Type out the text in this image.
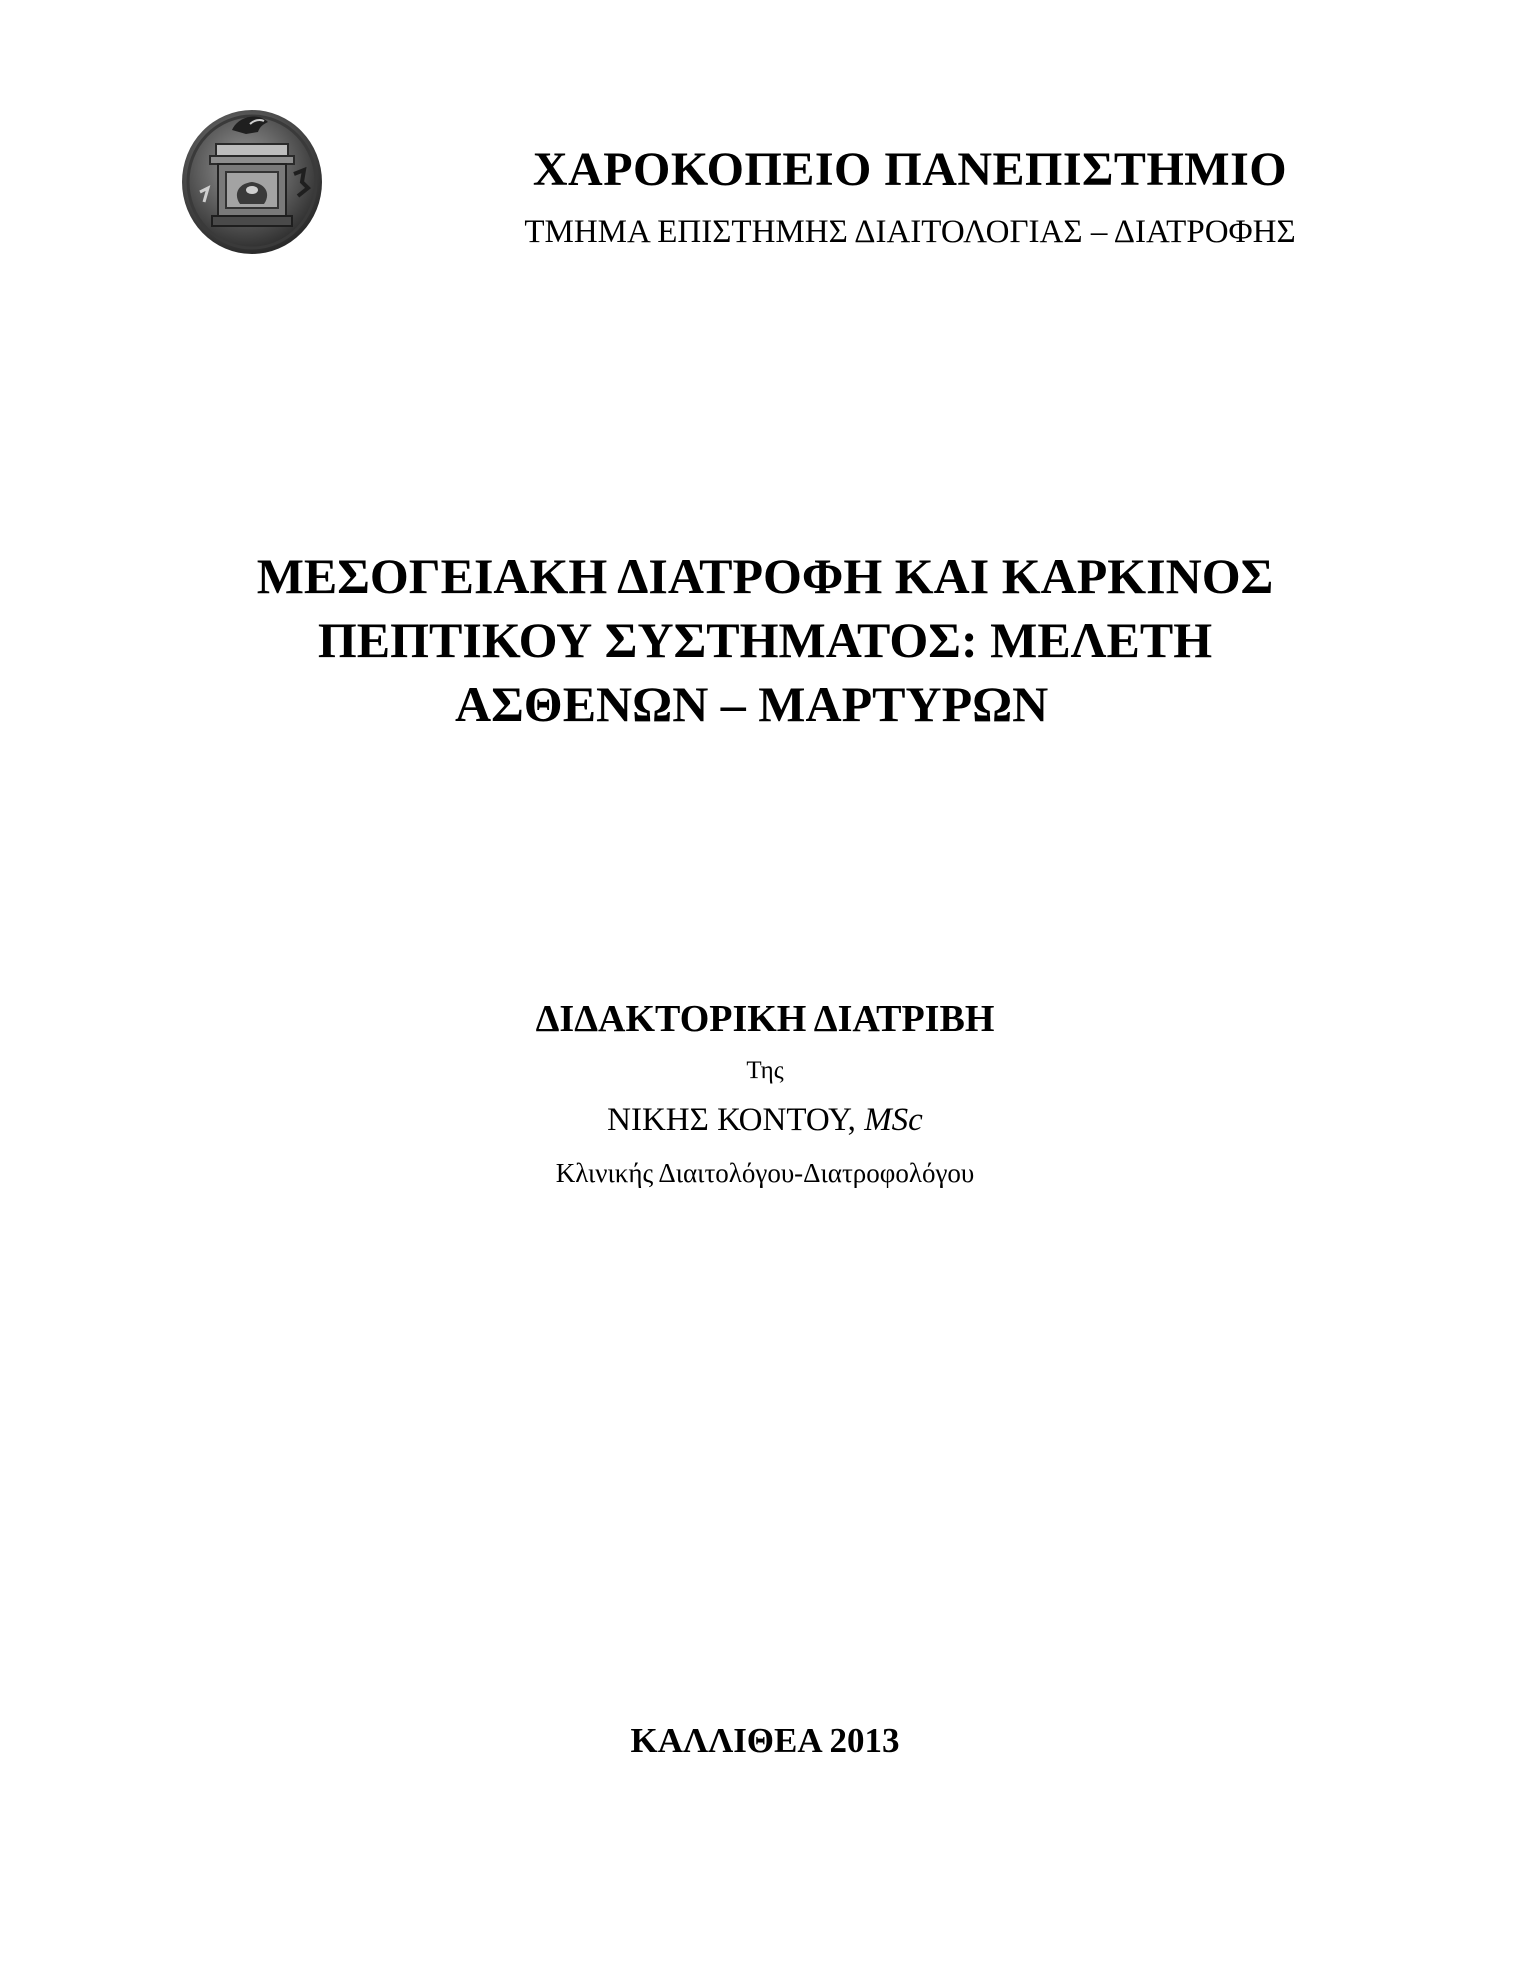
ΧΑΡΟΚΟΠΕΙΟ ΠΑΝΕΠΙΣΤΗΜΙΟ
ΤΜΗΜΑ ΕΠΙΣΤΗΜΗΣ ΔΙΑΙΤΟΛΟΓΙΑΣ – ΔΙΑΤΡΟΦΗΣ
ΜΕΣΟΓΕΙΑΚΗ ΔΙΑΤΡΟΦΗ ΚΑΙ ΚΑΡΚΙΝΟΣ
ΠΕΠΤΙΚΟΥ ΣΥΣΤΗΜΑΤΟΣ: ΜΕΛΕΤΗ
ΑΣΘΕΝΩΝ – ΜΑΡΤΥΡΩΝ
ΔΙΔΑΚΤΟΡΙΚΗ ΔΙΑΤΡΙΒΗ
Της
ΝΙΚΗΣ ΚΟΝΤΟΥ, MSc
Κλινικής Διαιτολόγου-Διατροφολόγου
ΚΑΛΛΙΘΕΑ 2013
